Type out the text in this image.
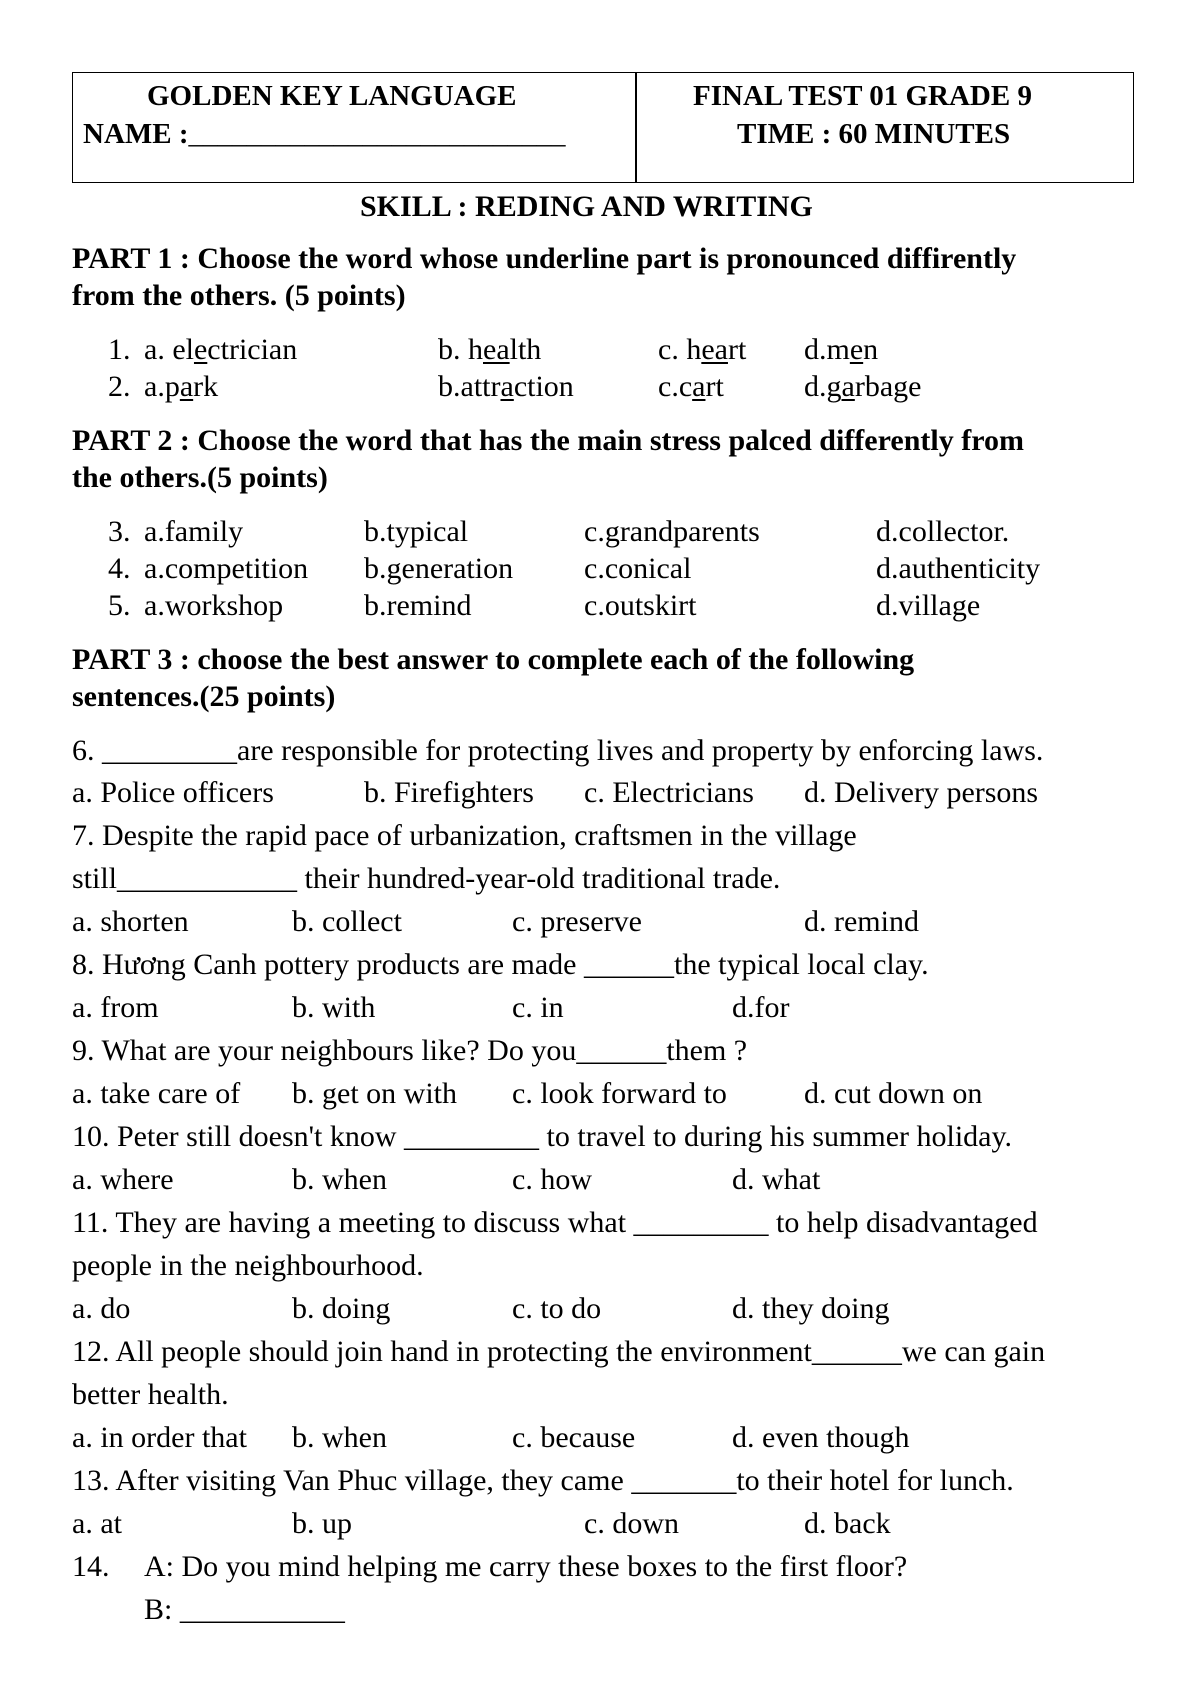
GOLDEN KEY LANGUAGE
NAME :__________________________
FINAL TEST 01 GRADE 9
TIME : 60 MINUTES
SKILL : REDING AND WRITING
PART 1 : Choose the word whose underline part is pronounced diffirently
from the others. (5 points)
1. a. electrician	b. health	c. heart d.men
2. a.park	b.attraction	c.cart	d.garbage
PART 2 : Choose the word that has the main stress palced differently from
the others.(5 points)
3. a.family	b.typical	c.grandparents	d.collector.
4. a.competition b.generation c.conical	d.authenticity
5. a.workshop	b.remind	c.outskirt	d.village
PART 3 : choose the best answer to complete each of the following
sentences.(25 points)
6. _________are responsible for protecting lives and property by enforcing laws.
a. Police officers	b. Firefighters c. Electricians d. Delivery persons
7. Despite the rapid pace of urbanization, craftsmen in the village
still____________ their hundred-year-old traditional trade.
a. shorten	b. collect	c. preserve	d. remind
8. Hương Canh pottery products are made ______the typical local clay.
a. from	b. with	c. in	d.for
9. What are your neighbours like? Do you______them ?
a. take care of b. get on with c. look forward to	d. cut down on
10. Peter still doesn't know _________ to travel to during his summer holiday.
a. where	b. when	c. how	d. what
11. They are having a meeting to discuss what _________ to help disadvantaged
people in the neighbourhood.
a. do	b. doing	c. to do	d. they doing
12. All people should join hand in protecting the environment______we can gain
better health.
a. in order that b. when	c. because	d. even though
13. After visiting Van Phuc village, they came _______to their hotel for lunch.
a. at	b. up	c. down	d. back
14. A: Do you mind helping me carry these boxes to the first floor?
B: ___________
